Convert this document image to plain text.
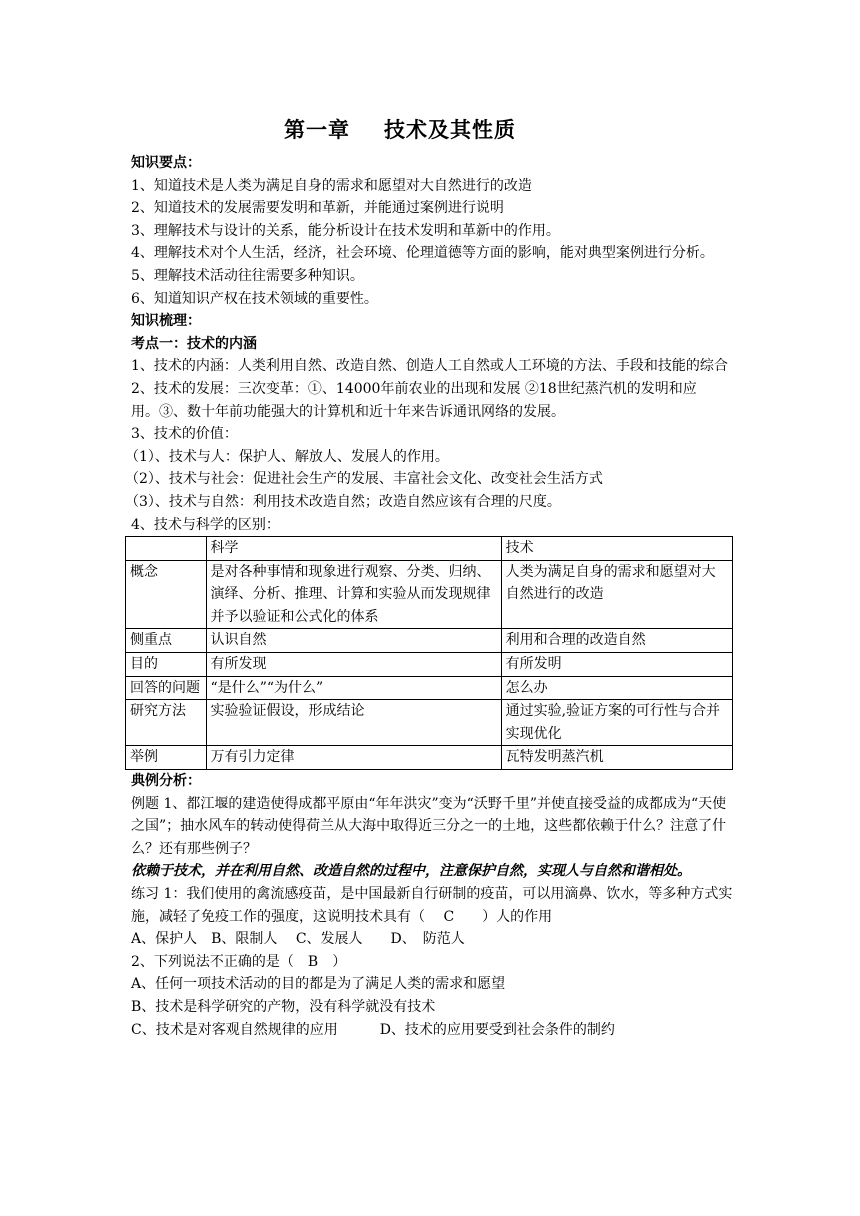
第一章 技术及其性质
知识要点：
1、知道技术是人类为满足自身的需求和愿望对大自然进行的改造
2、知道技术的发展需要发明和革新，并能通过案例进行说明
3、理解技术与设计的关系，能分析设计在技术发明和革新中的作用。
4、理解技术对个人生活，经济，社会环境、伦理道德等方面的影响，能对典型案例进行分析。
5、理解技术活动往往需要多种知识。
6、知道知识产权在技术领域的重要性。
知识梳理：
考点一：技术的内涵
1、技术的内涵：人类利用自然、改造自然、创造人工自然或人工环境的方法、手段和技能的综合
2、技术的发展：三次变革：①、14000年前农业的出现和发展 ②18世纪蒸汽机的发明和应
用。③、数十年前功能强大的计算机和近十年来告诉通讯网络的发展。
3、技术的价值：
（1）、技术与人：保护人、解放人、发展人的作用。
（2）、技术与社会：促进社会生产的发展、丰富社会文化、改变社会生活方式
（3）、技术与自然：利用技术改造自然；改造自然应该有合理的尺度。
4、技术与科学的区别：
	科学	技术
概念	是对各种事情和现象进行观察、分类、归纳、演绎、分析、推理、计算和实验从而发现规律并予以验证和公式化的体系	人类为满足自身的需求和愿望对大自然进行的改造
侧重点	认识自然	利用和合理的改造自然
目的	有所发现	有所发明
回答的问题	“是什么”“为什么”	怎么办
研究方法	实验验证假设，形成结论	通过实验,验证方案的可行性与合并实现优化
举例	万有引力定律	瓦特发明蒸汽机
典例分析：
例题 1、都江堰的建造使得成都平原由“年年洪灾”变为“沃野千里”并使直接受益的成都成为“天使之国”；抽水风车的转动使得荷兰从大海中取得近三分之一的土地，这些都依赖于什么？注意了什么？还有那些例子？
依赖于技术，并在利用自然、改造自然的过程中，注意保护自然，实现人与自然和谐相处。
练习 1：我们使用的禽流感疫苗，是中国最新自行研制的疫苗，可以用滴鼻、饮水，等多种方式实施，减轻了免疫工作的强度，这说明技术具有（　 C　　）人的作用
A、保护人　B、限制人　 C、发展人　　D、　防范人
2、下列说法不正确的是（　B　）
A、任何一项技术活动的目的都是为了满足人类的需求和愿望
B、技术是科学研究的产物，没有科学就没有技术
C、技术是对客观自然规律的应用　　　D、技术的应用要受到社会条件的制约
